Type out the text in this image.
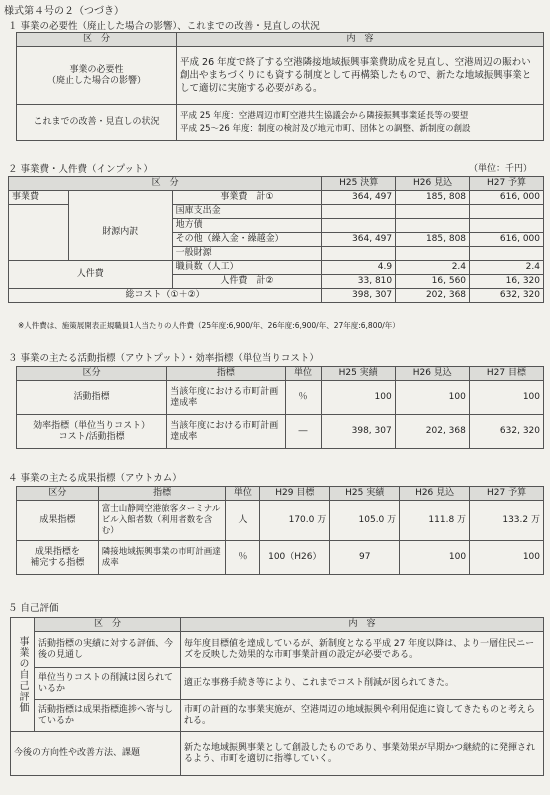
様式第４号の２（つづき）
１ 事業の必要性（廃止した場合の影響）、これまでの改善・見直しの状況
区　分	内　容
事業の必要性
（廃止した場合の影響）	平成 26 年度で終了する空港隣接地域振興事業費助成を見直し、空港周辺の賑わい創出やまちづくりにも資する制度として再構築したもので、新たな地域振興事業として適切に実施する必要がある。
これまでの改善・見直しの状況	平成 25 年度：空港周辺市町空港共生協議会から隣接振興事業延長等の要望
平成 25〜26 年度：制度の検討及び地元市町、団体との調整、新制度の創設
２ 事業費・人件費（インプット）	（単位：千円）
区　分			H25 決算	H26 見込	H27 予算
事業費		事業費　計①	364, 497	185, 808	616, 000
	財源内訳	国庫支出金			
		地方債			
		その他（繰入金・繰越金）	364, 497	185, 808	616, 000
		一般財源			
人件費		職員数（人工）	4.9	2.4	2.4
		人件費　計②	33, 810	16, 560	16, 320
総コスト（①＋②）			398, 307	202, 368	632, 320
※人件費は、施策展開表正規職員1人当たりの人件費（25年度:6,900/年、26年度:6,900/年、27年度:6,800/年）
３ 事業の主たる活動指標（アウトプット）・効率指標（単位当りコスト）
区分	指標	単位	H25 実績	H26 見込	H27 目標
活動指標	当該年度における市町計画達成率	％	100	100	100
効率指標（単位当りコスト）
コスト/活動指標	当該年度における市町計画達成率	―	398, 307	202, 368	632, 320
４ 事業の主たる成果指標（アウトカム）
区分	指標	単位	H29 目標	H25 実績	H26 見込	H27 予算
成果指標	富士山静岡空港旅客ターミナルビル入館者数（利用者数を含む）	人	170.0 万	105.0 万	111.8 万	133.2 万
成果指標を
補完する指標	隣接地域振興事業の市町計画達成率	％	100（H26）	97	100	100
５ 自己評価
事業の自己評価	区　分	内　容
	活動指標の実績に対する評価、今後の見通し	毎年度目標値を達成しているが、新制度となる平成 27 年度以降は、より一層住民ニーズを反映した効果的な市町事業計画の設定が必要である。
	単位当りコストの削減は図られているか	適正な事務手続き等により、これまでコスト削減が図られてきた。
	活動指標は成果指標進捗へ寄与しているか	市町の計画的な事業実施が、空港周辺の地域振興や利用促進に資してきたものと考えられる。
今後の方向性や改善方法、課題		新たな地域振興事業として創設したものであり、事業効果が早期かつ継続的に発揮されるよう、市町を適切に指導していく。
